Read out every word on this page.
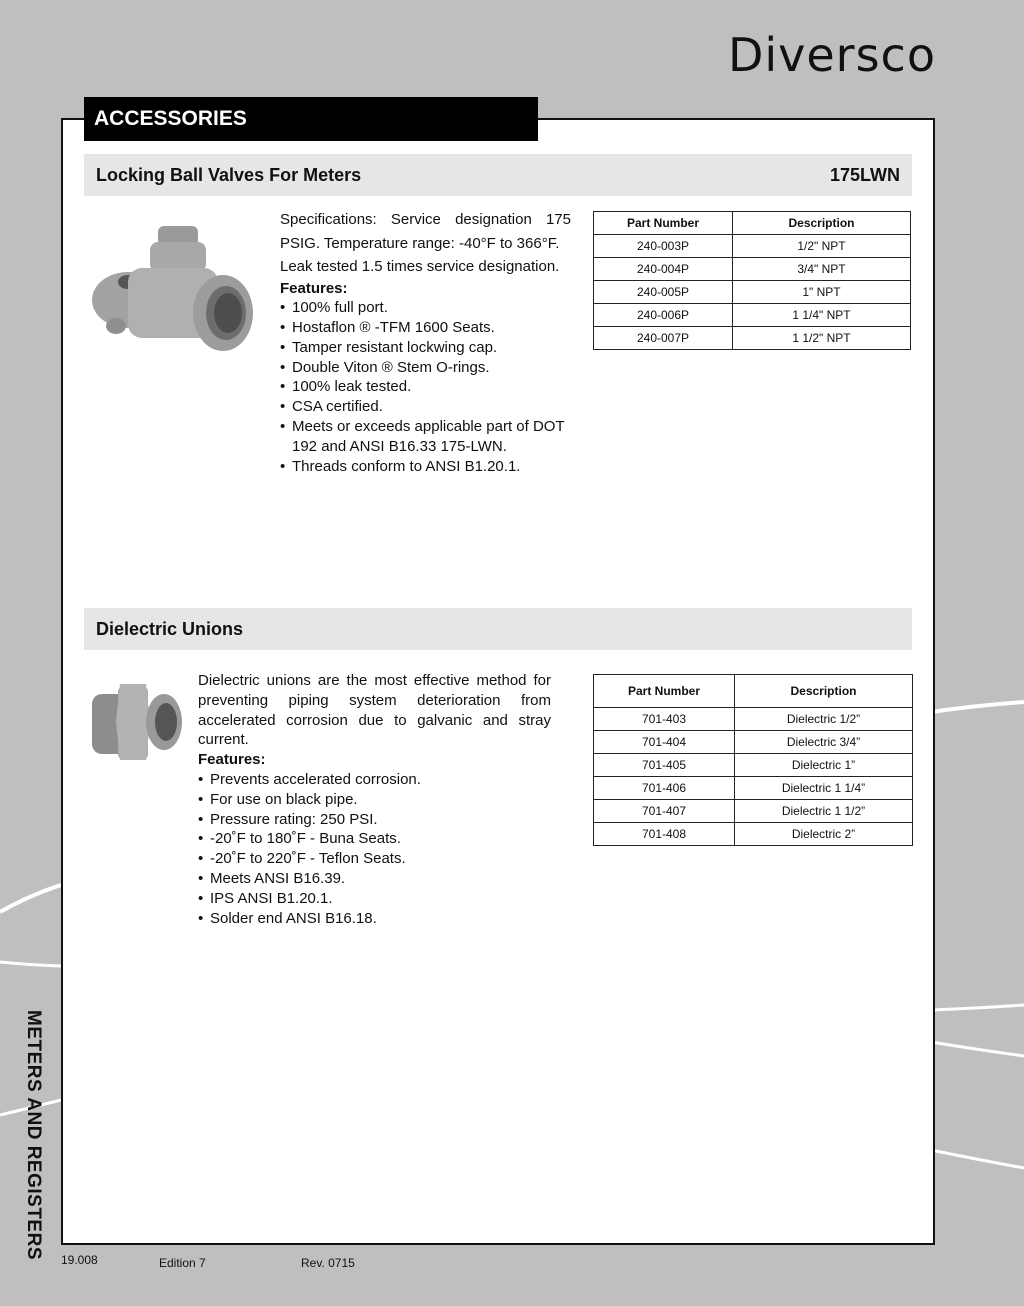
Diversco
ACCESSORIES
METERS AND REGISTERS
Locking Ball Valves For Meters	175LWN

Specifications: Service designation 175 PSIG. Temperature range: -40°F to 366°F.

Leak tested 1.5 times service designation.

Features:

• 100% full port.
• Hostaflon ® -TFM 1600 Seats.
• Tamper resistant lockwing cap.
• Double Viton ® Stem O-rings.
• 100% leak tested.
• CSA certified.
• Meets or exceeds applicable part of DOT 192 and ANSI B16.33 175-LWN.
• Threads conform to ANSI B1.20.1.
Part Number	Description
240-003P	1/2" NPT
240-004P	3/4" NPT
240-005P	1" NPT
240-006P	1 1/4" NPT
240-007P	1 1/2" NPT
Dielectric Unions

Dielectric unions are the most effective method for preventing piping system deterioration from accelerated corrosion due to galvanic and stray current.

Features:

• Prevents accelerated corrosion.
• For use on black pipe.
• Pressure rating: 250 PSI.
• -20˚F to 180˚F - Buna Seats.
• -20˚F to 220˚F - Teflon Seats.
• Meets ANSI B16.39.
• IPS ANSI B1.20.1.
• Solder end ANSI B16.18.
Part Number	Description
701-403	Dielectric 1/2”
701-404	Dielectric 3/4”
701-405	Dielectric 1”
701-406	Dielectric 1 1/4”
701-407	Dielectric 1 1/2”
701-408	Dielectric 2”
19.008	Edition 7	Rev. 0715
